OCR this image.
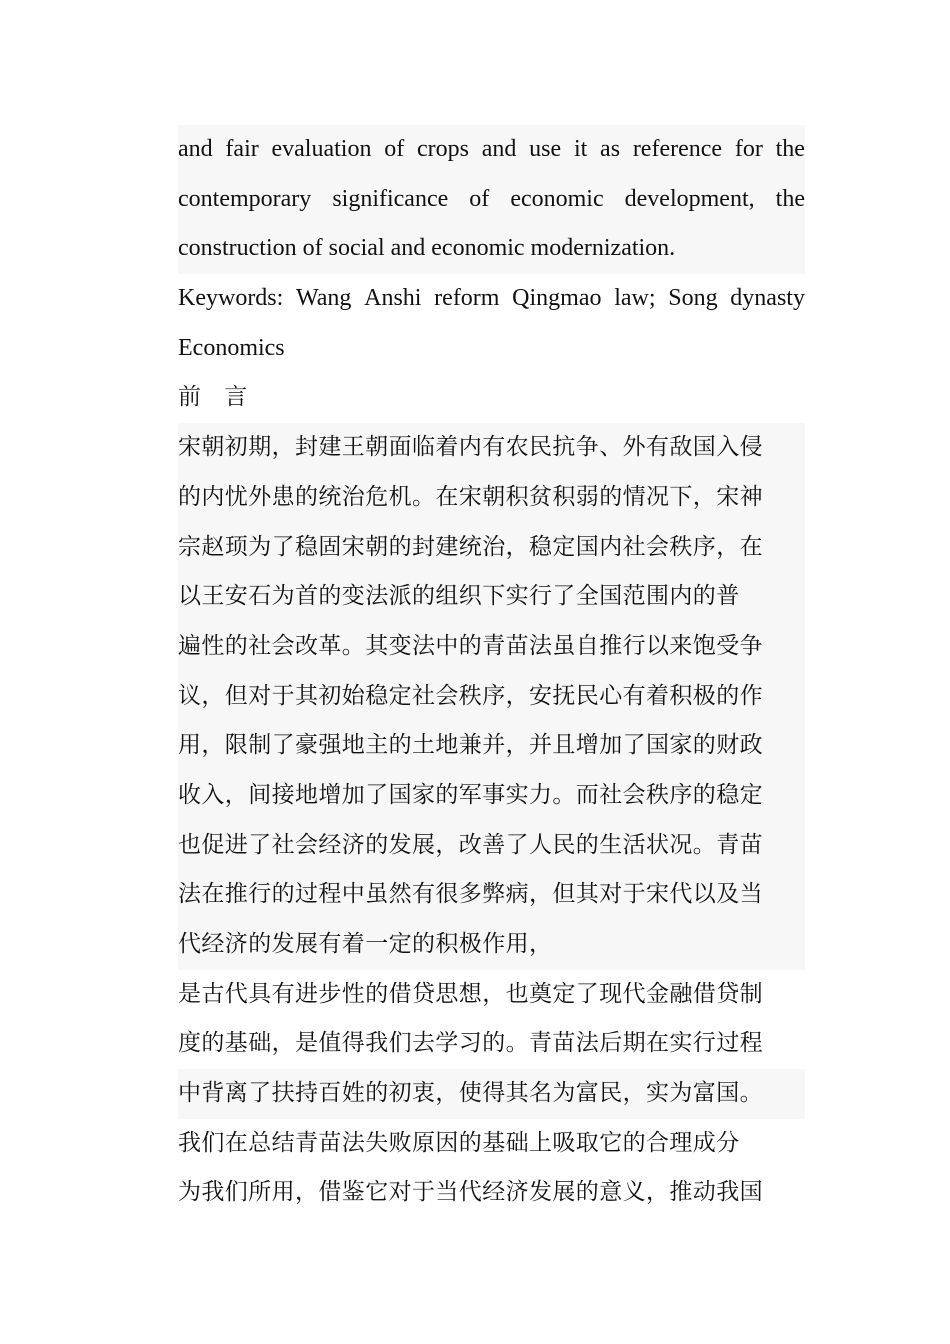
and fair evaluation of crops and use it as reference for the
contemporary significance of economic development, the
construction of social and economic modernization.
Keywords: Wang Anshi reform Qingmao law; Song dynasty
Economics
前 言
宋朝初期，封建王朝面临着内有农民抗争、外有敌国入侵
的内忧外患的统治危机。在宋朝积贫积弱的情况下，宋神
宗赵顼为了稳固宋朝的封建统治，稳定国内社会秩序，在
以王安石为首的变法派的组织下实行了全国范围内的普
遍性的社会改革。其变法中的青苗法虽自推行以来饱受争
议，但对于其初始稳定社会秩序，安抚民心有着积极的作
用，限制了豪强地主的土地兼并，并且增加了国家的财政
收入，间接地增加了国家的军事实力。而社会秩序的稳定
也促进了社会经济的发展，改善了人民的生活状况。青苗
法在推行的过程中虽然有很多弊病，但其对于宋代以及当
代经济的发展有着一定的积极作用，
是古代具有进步性的借贷思想，也奠定了现代金融借贷制
度的基础，是值得我们去学习的。青苗法后期在实行过程
中背离了扶持百姓的初衷，使得其名为富民，实为富国。
我们在总结青苗法失败原因的基础上吸取它的合理成分
为我们所用，借鉴它对于当代经济发展的意义，推动我国
